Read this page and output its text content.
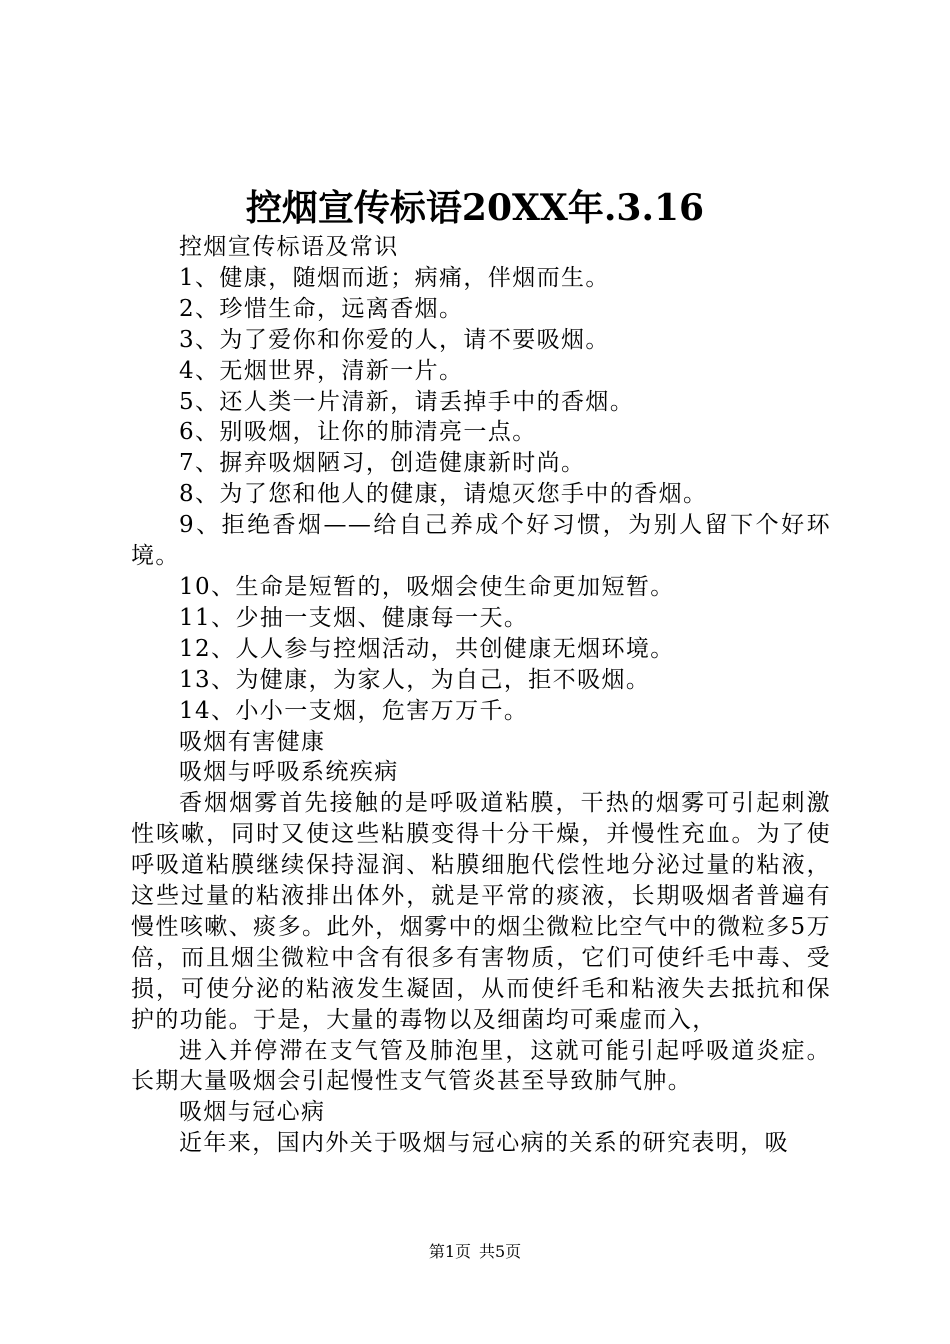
控烟宣传标语20XX年.3.16

控烟宣传标语及常识

1、健康，随烟而逝；病痛，伴烟而生。

2、珍惜生命，远离香烟。

3、为了爱你和你爱的人，请不要吸烟。

4、无烟世界，清新一片。

5、还人类一片清新，请丢掉手中的香烟。

6、别吸烟，让你的肺清亮一点。

7、摒弃吸烟陋习，创造健康新时尚。

8、为了您和他人的健康，请熄灭您手中的香烟。

9、拒绝香烟——给自己养成个好习惯，为别人留下个好环境。

10、生命是短暂的，吸烟会使生命更加短暂。

11、少抽一支烟、健康每一天。

12、人人参与控烟活动，共创健康无烟环境。

13、为健康，为家人，为自己，拒不吸烟。

14、小小一支烟，危害万万千。

吸烟有害健康

吸烟与呼吸系统疾病

香烟烟雾首先接触的是呼吸道粘膜，干热的烟雾可引起刺激性咳嗽，同时又使这些粘膜变得十分干燥，并慢性充血。为了使呼吸道粘膜继续保持湿润、粘膜细胞代偿性地分泌过量的粘液，这些过量的粘液排出体外，就是平常的痰液，长期吸烟者普遍有慢性咳嗽、痰多。此外，烟雾中的烟尘微粒比空气中的微粒多5万倍，而且烟尘微粒中含有很多有害物质，它们可使纤毛中毒、受损，可使分泌的粘液发生凝固，从而使纤毛和粘液失去抵抗和保护的功能。于是，大量的毒物以及细菌均可乘虚而入，

进入并停滞在支气管及肺泡里，这就可能引起呼吸道炎症。长期大量吸烟会引起慢性支气管炎甚至导致肺气肿。

吸烟与冠心病

近年来，国内外关于吸烟与冠心病的关系的研究表明，吸

第1页 共5页
